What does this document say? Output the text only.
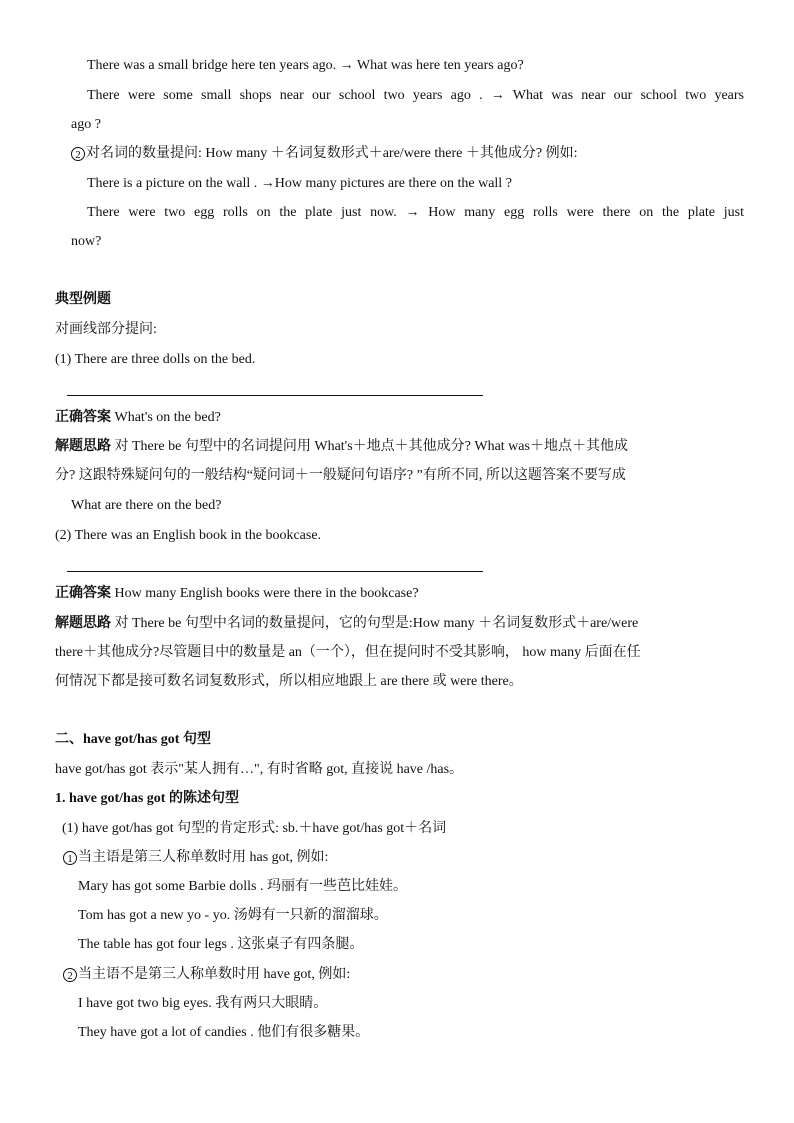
There was a small bridge here ten years ago. → What was here ten years ago?
There were some small shops near our school two years ago . → What was near our school two years
ago ?
2 对名词的数量提问: How many ＋名词复数形式＋are/were there ＋其他成分? 例如:
There is a picture on the wall . →How many pictures are there on the wall ?
There were two egg rolls on the plate just now. → How many egg rolls were there on the plate just
now?
典型例题
对画线部分提问:
(1) There are three dolls on the bed.
正确答案 What's on the bed?
解题思路 对 There be 句型中的名词提问用 What's＋地点＋其他成分? What was＋地点＋其他成
分? 这跟特殊疑问句的一般结构“疑问词＋一般疑问句语序? ”有所不同, 所以这题答案不要写成
What are there on the bed?
(2) There was an English book in the bookcase.
正确答案 How many English books were there in the bookcase?
解题思路 对 There be 句型中名词的数量提问，它的句型是:How many ＋名词复数形式＋are/were
there＋其他成分?尽管题目中的数量是 an（一个），但在提问时不受其影响， how many 后面在任
何情况下都是接可数名词复数形式，所以相应地跟上 are there 或 were there。
二、have got/has got 句型
have got/has got 表示"某人拥有…", 有时省略 got, 直接说 have /has。
1. have got/has got 的陈述句型
(1) have got/has got 句型的肯定形式: sb.＋have got/has got＋名词
1 当主语是第三人称单数时用 has got, 例如:
Mary has got some Barbie dolls . 玛丽有一些芭比娃娃。
Tom has got a new yo - yo. 汤姆有一只新的溜溜球。
The table has got four legs . 这张桌子有四条腿。
2 当主语不是第三人称单数时用 have got, 例如:
I have got two big eyes. 我有两只大眼睛。
They have got a lot of candies . 他们有很多糖果。
